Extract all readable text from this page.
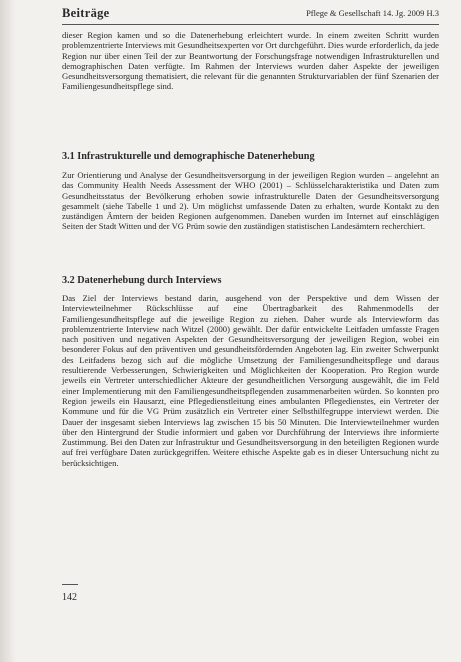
Beiträge	Pflege & Gesellschaft 14. Jg. 2009 H.3

dieser Region kamen und so die Datenerhebung erleichtert wurde. In einem zweiten Schritt wurden problemzentrierte Interviews mit Gesundheitsexperten vor Ort durchgeführt. Dies wurde erforderlich, da jede Region nur über einen Teil der zur Beantwortung der Forschungsfrage notwendigen Infrastrukturellen und demographischen Daten verfügte. Im Rahmen der Interviews wurden daher Aspekte der jeweiligen Gesundheitsversorgung thematisiert, die relevant für die genannten Strukturvariablen der fünf Szenarien der Familiengesundheitspflege sind.

3.1 Infrastrukturelle und demographische Datenerhebung

Zur Orientierung und Analyse der Gesundheitsversorgung in der jeweiligen Region wurden – angelehnt an das Community Health Needs Assessment der WHO (2001) – Schlüsselcharakteristika und Daten zum Gesundheitsstatus der Bevölkerung erhoben sowie infrastrukturelle Daten der Gesundheitsversorgung gesammelt (siehe Tabelle 1 und 2). Um möglichst umfassende Daten zu erhalten, wurde Kontakt zu den zuständigen Ämtern der beiden Regionen aufgenommen. Daneben wurden im Internet auf einschlägigen Seiten der Stadt Witten und der VG Prüm sowie den zuständigen statistischen Landesämtern recherchiert.

3.2 Datenerhebung durch Interviews

Das Ziel der Interviews bestand darin, ausgehend von der Perspektive und dem Wissen der Interviewteilnehmer Rückschlüsse auf eine Übertragbarkeit des Rahmenmodells der Familiengesundheitspflege auf die jeweilige Region zu ziehen. Daher wurde als Interviewform das problemzentrierte Interview nach Witzel (2000) gewählt. Der dafür entwickelte Leitfaden umfasste Fragen nach positiven und negativen Aspekten der Gesundheitsversorgung der jeweiligen Region, wobei ein besonderer Fokus auf den präventiven und gesundheitsfördernden Angeboten lag. Ein zweiter Schwerpunkt des Leitfadens bezog sich auf die mögliche Umsetzung der Familiengesundheitspflege und daraus resultierende Verbesserungen, Schwierigkeiten und Möglichkeiten der Kooperation. Pro Region wurde jeweils ein Vertreter unterschiedlicher Akteure der gesundheitlichen Versorgung ausgewählt, die im Feld einer Implementierung mit den Familiengesundheitspflegenden zusammenarbeiten würden. So konnten pro Region jeweils ein Hausarzt, eine Pflegedienstleitung eines ambulanten Pflegedienstes, ein Vertreter der Kommune und für die VG Prüm zusätzlich ein Vertreter einer Selbsthilfegruppe interviewt werden. Die Dauer der insgesamt sieben Interviews lag zwischen 15 bis 50 Minuten. Die Interviewteilnehmer wurden über den Hintergrund der Studie informiert und gaben vor Durchführung der Interviews ihre informierte Zustimmung. Bei den Daten zur Infrastruktur und Gesundheitsversorgung in den beteiligten Regionen wurde auf frei verfügbare Daten zurückgegriffen. Weitere ethische Aspekte gab es in dieser Untersuchung nicht zu berücksichtigen.

142
